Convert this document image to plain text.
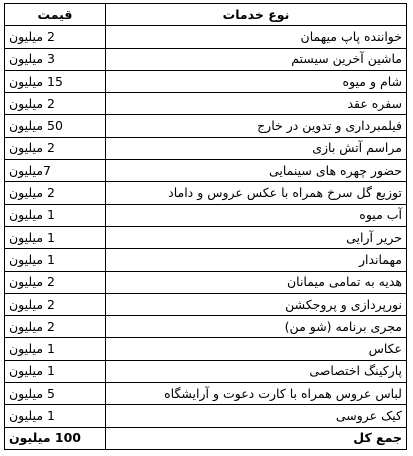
قیمت	نوع خدمات
2 میلیون	خواننده پاپ میهمان
3 میلیون	ماشین آخرین سیستم
15 میلیون	شام و میوه
2 میلیون	سفره عقد
50 میلیون	فیلمبرداری و تدوین در خارج
2 میلیون	مراسم آتش بازی
7میلیون	حضور چهره های سینمایی
2 میلیون	توزیع گل سرخ همراه با عکس عروس و داماد
1 میلیون	آب میوه
1 میلیون	حریر آرایی
1 میلیون	مهماندار
2 میلیون	هدیه به تمامی میمانان
2 میلیون	نورپردازی و پروجکشن
2 میلیون	مجری برنامه (شو من)
1 میلیون	عکاس
1 میلیون	پارکینگ اختصاصی
5 میلیون	لباس عروس همراه با کارت دعوت و آرایشگاه
1 میلیون	کیک عروسی
100 میلیون	جمع کل
